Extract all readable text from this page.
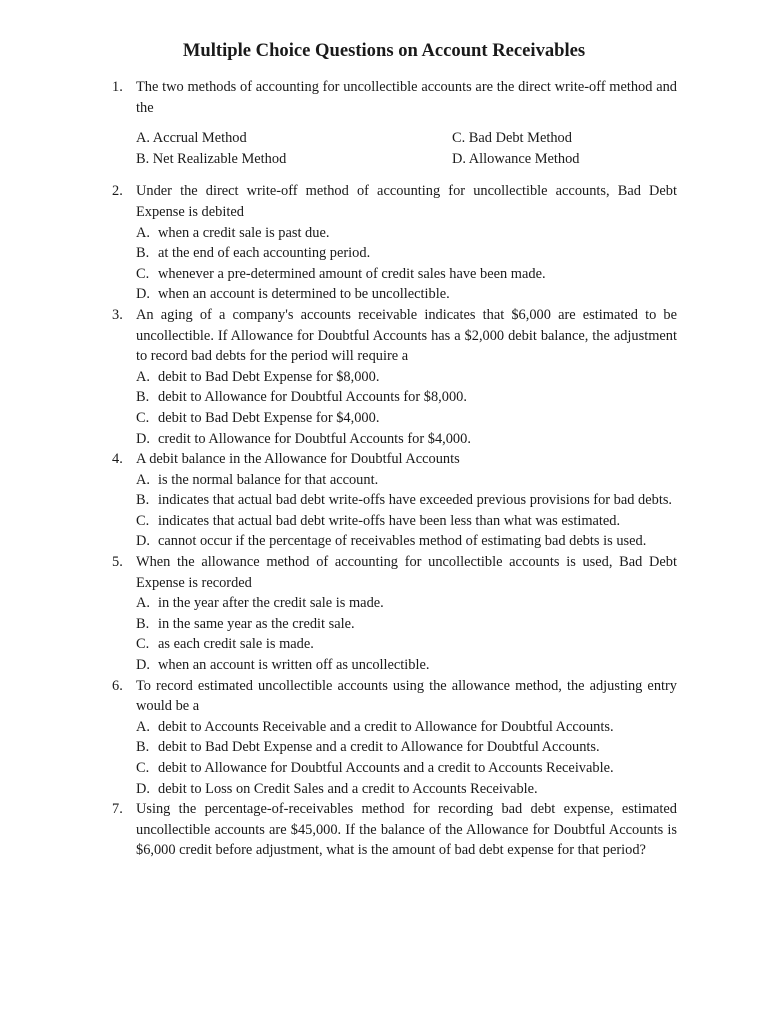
Multiple Choice Questions on Account Receivables
1. The two methods of accounting for uncollectible accounts are the direct write-off method and the
A. Accrual Method	C. Bad Debt Method
B. Net Realizable Method	D. Allowance Method
2. Under the direct write-off method of accounting for uncollectible accounts, Bad Debt Expense is debited
A. when a credit sale is past due.
B. at the end of each accounting period.
C. whenever a pre-determined amount of credit sales have been made.
D. when an account is determined to be uncollectible.
3. An aging of a company's accounts receivable indicates that $6,000 are estimated to be uncollectible. If Allowance for Doubtful Accounts has a $2,000 debit balance, the adjustment to record bad debts for the period will require a
A. debit to Bad Debt Expense for $8,000.
B. debit to Allowance for Doubtful Accounts for $8,000.
C. debit to Bad Debt Expense for $4,000.
D. credit to Allowance for Doubtful Accounts for $4,000.
4. A debit balance in the Allowance for Doubtful Accounts
A. is the normal balance for that account.
B. indicates that actual bad debt write-offs have exceeded previous provisions for bad debts.
C. indicates that actual bad debt write-offs have been less than what was estimated.
D. cannot occur if the percentage of receivables method of estimating bad debts is used.
5. When the allowance method of accounting for uncollectible accounts is used, Bad Debt Expense is recorded
A. in the year after the credit sale is made.
B. in the same year as the credit sale.
C. as each credit sale is made.
D. when an account is written off as uncollectible.
6. To record estimated uncollectible accounts using the allowance method, the adjusting entry would be a
A. debit to Accounts Receivable and a credit to Allowance for Doubtful Accounts.
B. debit to Bad Debt Expense and a credit to Allowance for Doubtful Accounts.
C. debit to Allowance for Doubtful Accounts and a credit to Accounts Receivable.
D. debit to Loss on Credit Sales and a credit to Accounts Receivable.
7. Using the percentage-of-receivables method for recording bad debt expense, estimated uncollectible accounts are $45,000. If the balance of the Allowance for Doubtful Accounts is $6,000 credit before adjustment, what is the amount of bad debt expense for that period?
